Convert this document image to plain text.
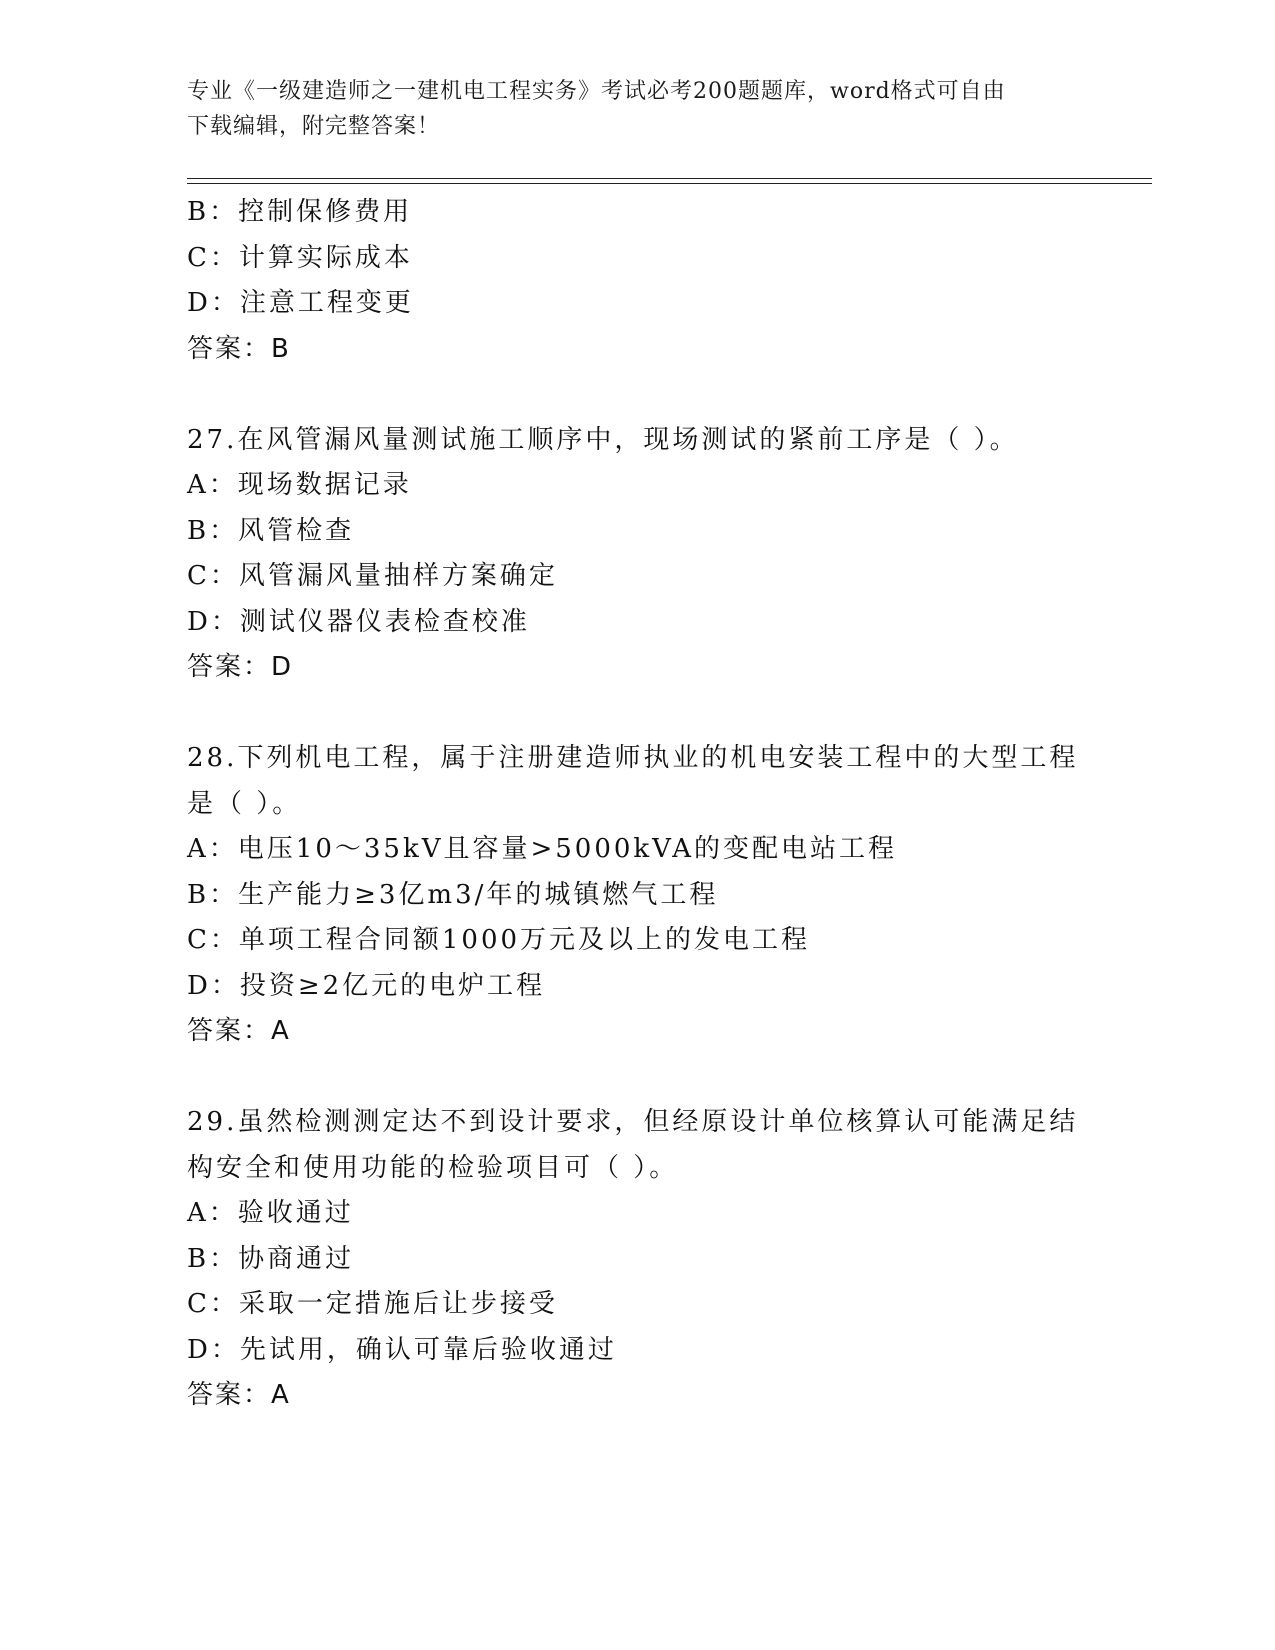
专业《一级建造师之一建机电工程实务》考试必考200题题库，word格式可自由
下载编辑，附完整答案！
B：控制保修费用
C：计算实际成本
D：注意工程变更
答案：B
27.在风管漏风量测试施工顺序中，现场测试的紧前工序是（ ）。
A：现场数据记录
B：风管检查
C：风管漏风量抽样方案确定
D：测试仪器仪表检查校准
答案：D
28.下列机电工程，属于注册建造师执业的机电安装工程中的大型工程
是（ ）。
A：电压10～35kV且容量>5000kVA的变配电站工程
B：生产能力≥3亿m3/年的城镇燃气工程
C：单项工程合同额1000万元及以上的发电工程
D：投资≥2亿元的电炉工程
答案：A
29.虽然检测测定达不到设计要求，但经原设计单位核算认可能满足结
构安全和使用功能的检验项目可（ ）。
A：验收通过
B：协商通过
C：采取一定措施后让步接受
D：先试用，确认可靠后验收通过
答案：A
